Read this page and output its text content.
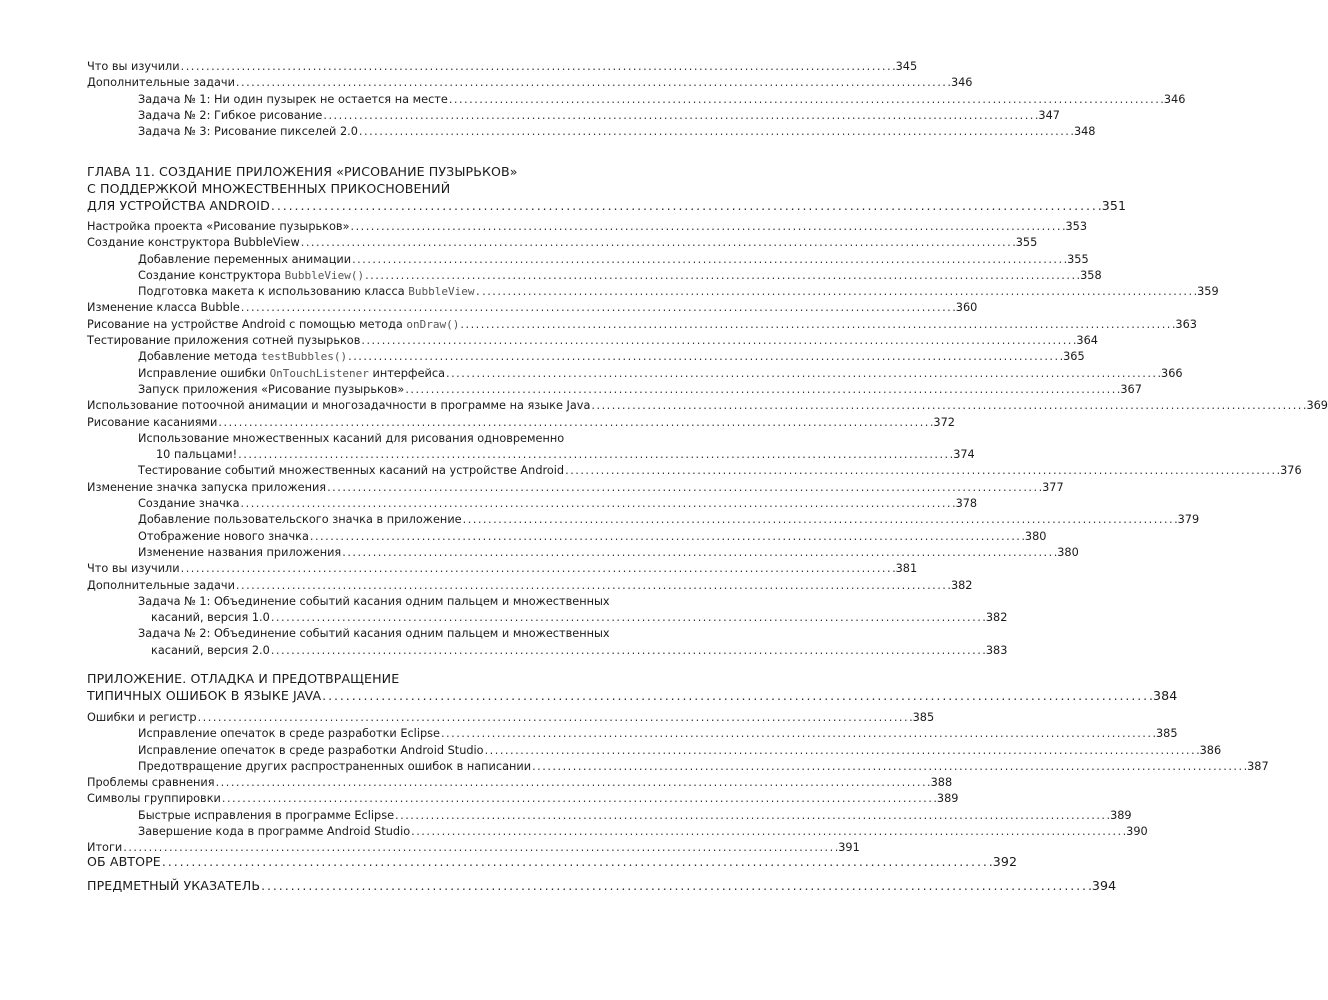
Что вы изучили . . .	345
Дополнительные задачи . . .	346
Задача № 1: Ни один пузырек не остается на месте . . .	346
Задача № 2: Гибкое рисование . . .	347
Задача № 3: Рисование пикселей 2.0 . . .	348
ГЛАВА 11. СОЗДАНИЕ ПРИЛОЖЕНИЯ «РИСОВАНИЕ ПУЗЫРЬКОВ»
С ПОДДЕРЖКОЙ МНОЖЕСТВЕННЫХ ПРИКОСНОВЕНИЙ
ДЛЯ УСТРОЙСТВА ANDROID . . .	351
Настройка проекта «Рисование пузырьков» . . .	353
Создание конструктора BubbleView . . .	355
Добавление переменных анимации . . .	355
Создание конструктора BubbleView() . . .	358
Подготовка макета к использованию класса BubbleView. . . .	359
Изменение класса Bubble . . .	360
Рисование на устройстве Android с помощью метода onDraw() . . .	363
Тестирование приложения сотней пузырьков . . .	364
Добавление метода testBubbles() . . .	365
Исправление ошибки OnTouchListener интерфейса . . .	366
Запуск приложения «Рисование пузырьков» . . .	367
Использование потоочной анимации и многозадачности в программе на языке Java . . .	369
Рисование касаниями . . .	372
Использование множественных касаний для рисования одновременно
10 пальцами! . . .	374
Тестирование событий множественных касаний на устройстве Android . . .	376
Изменение значка запуска приложения . . .	377
Создание значка . . .	378
Добавление пользовательского значка в приложение . . .	379
Отображение нового значка . . .	380
Изменение названия приложения . . .	380
Что вы изучили . . .	381
Дополнительные задачи . . .	382
Задача № 1: Объединение событий касания одним пальцем и множественных
касаний, версия 1.0 . . .	382
Задача № 2: Объединение событий касания одним пальцем и множественных
касаний, версия 2.0 . . .	383
ПРИЛОЖЕНИЕ. ОТЛАДКА И ПРЕДОТВРАЩЕНИЕ
ТИПИЧНЫХ ОШИБОК В ЯЗЫКЕ JAVA . . .	384
Ошибки и регистр . . .	385
Исправление опечаток в среде разработки Eclipse . . .	385
Исправление опечаток в среде разработки Android Studio . . .	386
Предотвращение других распространенных ошибок в написании . . .	387
Проблемы сравнения . . .	388
Символы группировки . . .	389
Быстрые исправления в программе Eclipse . . .	389
Завершение кода в программе Android Studio . . .	390
Итоги . . .	391
ОБ АВТОРЕ . . .	392
ПРЕДМЕТНЫЙ УКАЗАТЕЛЬ . . .	394
